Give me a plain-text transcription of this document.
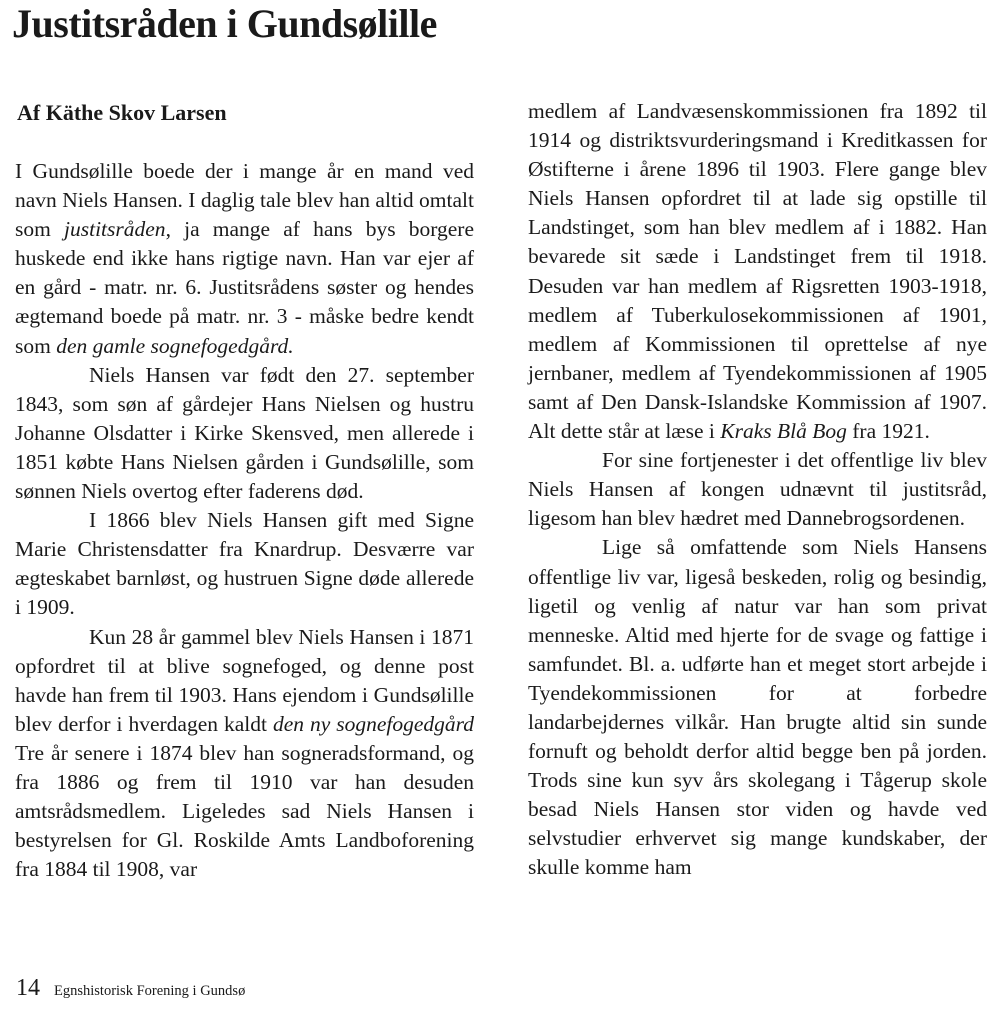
Justitsråden i Gundsølille
Af Käthe Skov Larsen

I Gundsølille boede der i mange år en mand ved navn Niels Hansen. I daglig tale blev han altid omtalt som justitsråden, ja mange af hans bys borgere huskede end ikke hans rigtige navn. Han var ejer af en gård - matr. nr. 6. Justitsrådens søster og hendes ægtemand boede på matr. nr. 3 - måske bedre kendt som den gamle sognefogedgård.

Niels Hansen var født den 27. september 1843, som søn af gårdejer Hans Nielsen og hustru Johanne Olsdatter i Kirke Skensved, men allerede i 1851 købte Hans Nielsen gården i Gundsølille, som sønnen Niels overtog efter faderens død.

I 1866 blev Niels Hansen gift med Signe Marie Christensdatter fra Knardrup. Desværre var ægteskabet barnløst, og hustruen Signe døde allerede i 1909.

Kun 28 år gammel blev Niels Hansen i 1871 opfordret til at blive sognefoged, og denne post havde han frem til 1903. Hans ejendom i Gundsølille blev derfor i hverdagen kaldt den ny sognefogedgård Tre år senere i 1874 blev han sogneradsformand, og fra 1886 og frem til 1910 var han desuden amtsrådsmedlem. Ligeledes sad Niels Hansen i bestyrelsen for Gl. Roskilde Amts Landboforening fra 1884 til 1908, var

medlem af Landvæsenskommissionen fra 1892 til 1914 og distriktsvurderingsmand i Kreditkassen for Østifterne i årene 1896 til 1903. Flere gange blev Niels Hansen opfordret til at lade sig opstille til Landstinget, som han blev medlem af i 1882. Han bevarede sit sæde i Landstinget frem til 1918. Desuden var han medlem af Rigsretten 1903-1918, medlem af Tuberkulosekommissionen af 1901, medlem af Kommissionen til oprettelse af nye jernbaner, medlem af Tyendekommissionen af 1905 samt af Den Dansk-Islandske Kommission af 1907. Alt dette står at læse i Kraks Blå Bog fra 1921.

For sine fortjenester i det offentlige liv blev Niels Hansen af kongen udnævnt til justitsråd, ligesom han blev hædret med Dannebrogsordenen.

Lige så omfattende som Niels Hansens offentlige liv var, ligeså beskeden, rolig og besindig, ligetil og venlig af natur var han som privat menneske. Altid med hjerte for de svage og fattige i samfundet. Bl. a. udførte han et meget stort arbejde i Tyendekommissionen for at forbedre landarbejdernes vilkår. Han brugte altid sin sunde fornuft og beholdt derfor altid begge ben på jorden. Trods sine kun syv års skolegang i Tågerup skole besad Niels Hansen stor viden og havde ved selvstudier erhvervet sig mange kundskaber, der skulle komme ham

14 Egnshistorisk Forening i Gundsø
